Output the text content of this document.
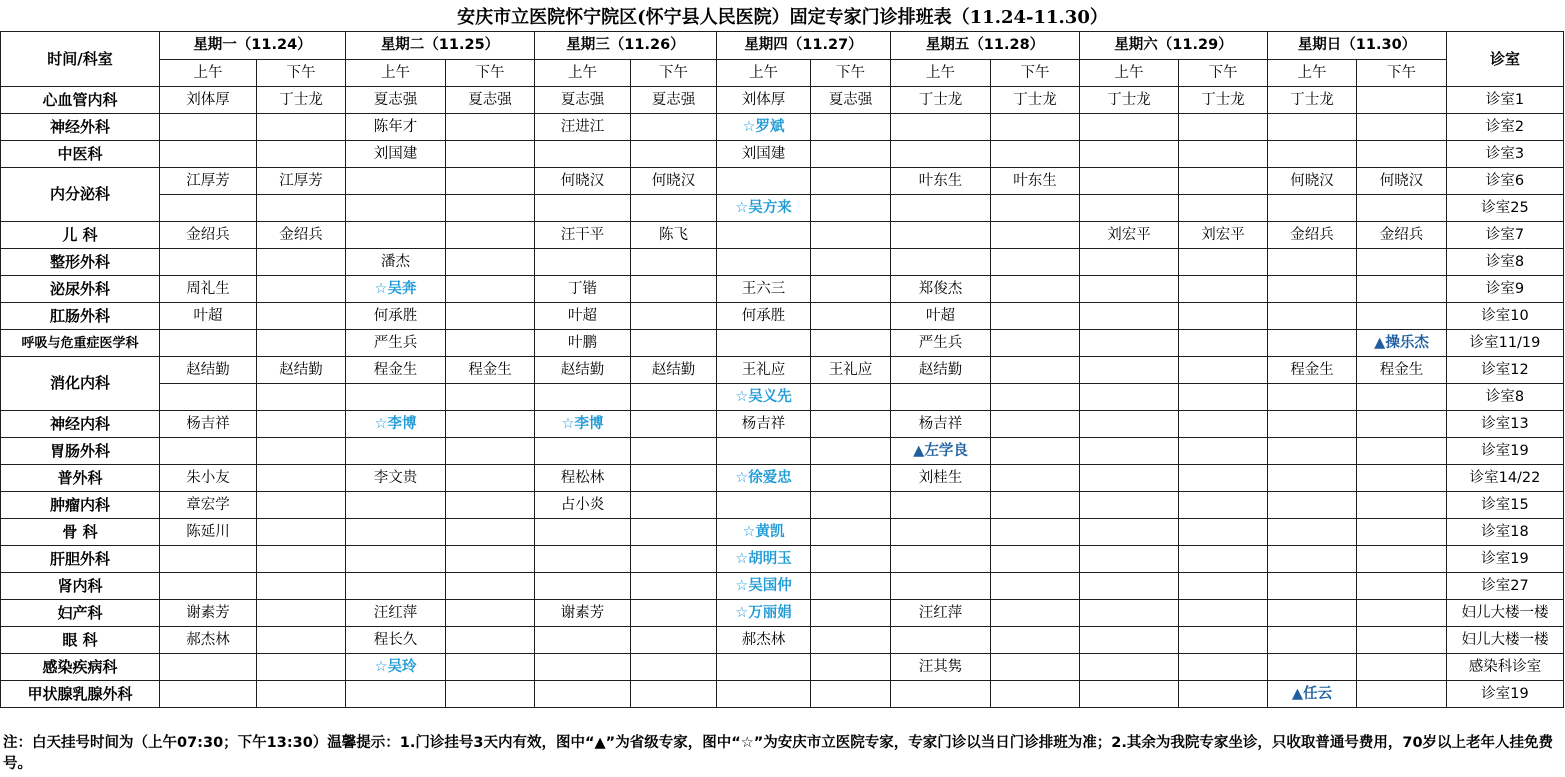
安庆市立医院怀宁院区(怀宁县人民医院）固定专家门诊排班表（11.24-11.30）
时间/科室	星期一（11.24）		星期二（11.25）		星期三（11.26）		星期四（11.27）		星期五（11.28）		星期六（11.29）		星期日（11.30）		诊室
	上午	下午	上午	下午	上午	下午	上午	下午	上午	下午	上午	下午	上午	下午	
心血管内科	刘体厚	丁士龙	夏志强	夏志强	夏志强	夏志强	刘体厚	夏志强	丁士龙	丁士龙	丁士龙	丁士龙	丁士龙		诊室1
神经外科			陈年才		汪进江		☆罗斌								诊室2
中医科			刘国建				刘国建								诊室3
内分泌科	江厚芳	江厚芳			何晓汉	何晓汉			叶东生	叶东生			何晓汉	何晓汉	诊室6
							☆吴方来								诊室25
儿 科	金绍兵	金绍兵			汪干平	陈飞					刘宏平	刘宏平	金绍兵	金绍兵	诊室7
整形外科			潘杰												诊室8
泌尿外科	周礼生		☆吴奔		丁锴		王六三		郑俊杰						诊室9
肛肠外科	叶超		何承胜		叶超		何承胜		叶超						诊室10
呼吸与危重症医学科			严生兵		叶鹏				严生兵					▲操乐杰	诊室11/19
消化内科	赵结勤	赵结勤	程金生	程金生	赵结勤	赵结勤	王礼应	王礼应	赵结勤				程金生	程金生	诊室12
							☆吴义先								诊室8
神经内科	杨吉祥		☆李博		☆李博		杨吉祥		杨吉祥						诊室13
胃肠外科									▲左学良						诊室19
普外科	朱小友		李文贵		程松林		☆徐爱忠		刘桂生						诊室14/22
肿瘤内科	章宏学				占小炎										诊室15
骨 科	陈延川						☆黄凯								诊室18
肝胆外科							☆胡明玉								诊室19
肾内科							☆吴国仲								诊室27
妇产科	谢素芳		汪红萍		谢素芳		☆万丽娟		汪红萍						妇儿大楼一楼
眼 科	郝杰林		程长久				郝杰林								妇儿大楼一楼
感染疾病科			☆吴玲						汪其隽						感染科诊室
甲状腺乳腺外科													▲任云		诊室19
注：白天挂号时间为（上午07:30；下午13:30）温馨提示：1.门诊挂号3天内有效，图中“▲”为省级专家，图中“☆”为安庆市立医院专家，专家门诊以当日门诊排班为准；2.其余为我院专家坐诊，只收取普通号费用，70岁以上老年人挂免费号。
